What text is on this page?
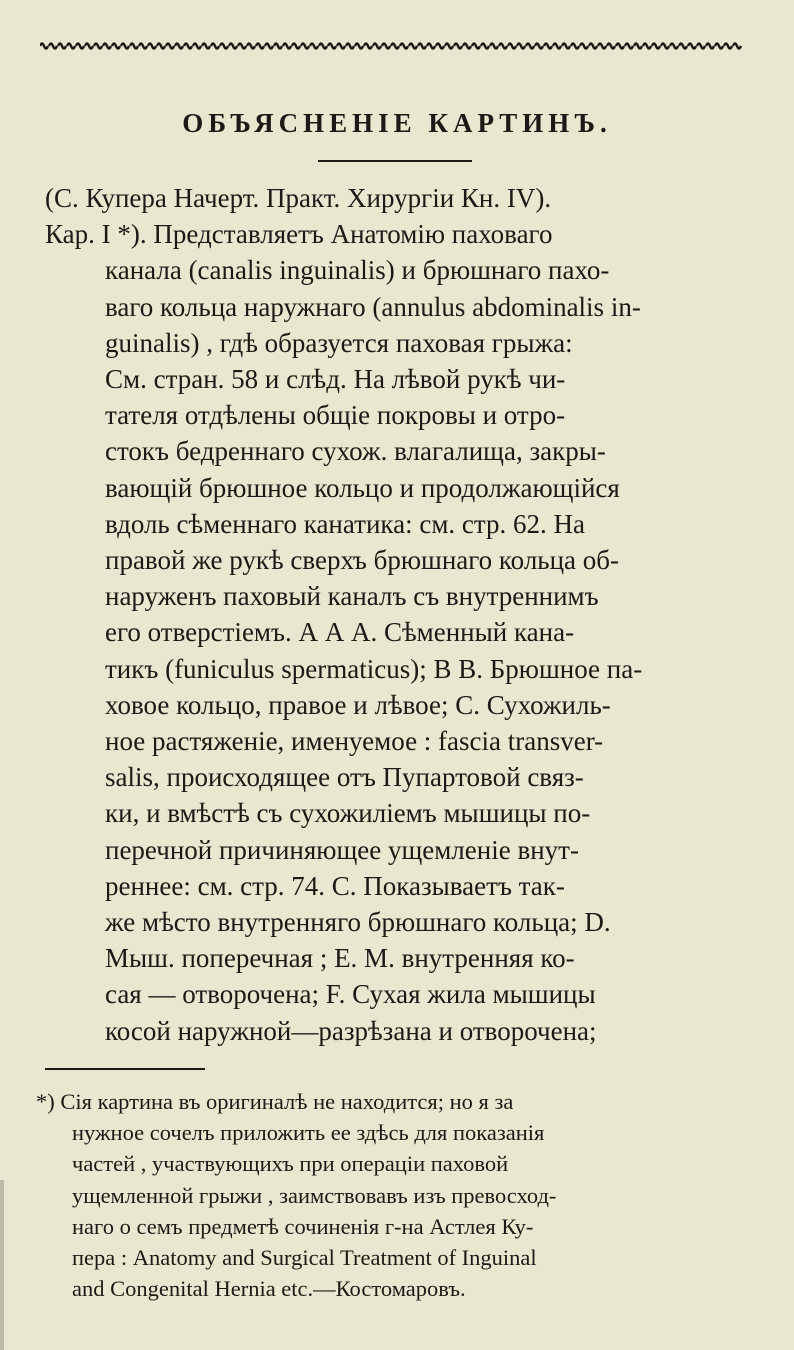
ОБЪЯСНЕНІЕ КАРТИНЪ.
(С. Купера Начерт. Практ. Хирургіи Кн. IV).
Кар. I *). Представляетъ Анатомію паховаго
канала (canalis inguinalis) и брюшнаго пахо-
ваго кольца наружнаго (annulus abdominalis in-
guinalis) , гдѣ образуется паховая грыжа:
См. стран. 58 и слѣд. На лѣвой рукѣ чи-
тателя отдѣлены общіе покровы и отро-
стокъ бедреннаго сухож. влагалища, закры-
вающій брюшное кольцо и продолжающійся
вдоль сѣменнаго канатика: см. стр. 62. На
правой же рукѣ сверхъ брюшнаго кольца об-
наруженъ паховый каналъ съ внутреннимъ
его отверстіемъ. А А А. Сѣменный кана-
тикъ (funiculus spermaticus); В В. Брюшное па-
ховое кольцо, правое и лѣвое; С. Сухожиль-
ное растяженіе, именуемое : fascia transver-
salis, происходящее отъ Пупартовой связ-
ки, и вмѣстѣ съ сухожиліемъ мышицы по-
перечной причиняющее ущемленіе внут-
реннее: см. стр. 74. С. Показываетъ так-
же мѣсто внутренняго брюшнаго кольца; D.
Мыш. поперечная ; Е. М. внутренняя ко-
сая — отворочена; F. Сухая жила мышицы
косой наружной—разрѣзана и отворочена;
*) Сія картина въ оригиналѣ не находится; но я за
нужное сочелъ приложить ее здѣсь для показанія
частей , участвующихъ при операціи паховой
ущемленной грыжи , заимствовавъ изъ превосход-
наго о семъ предметѣ сочиненія г-на Астлея Ку-
пера : Anatomy and Surgical Treatment of Inguinal
and Congenital Hernia etc.—Костомаровъ.
